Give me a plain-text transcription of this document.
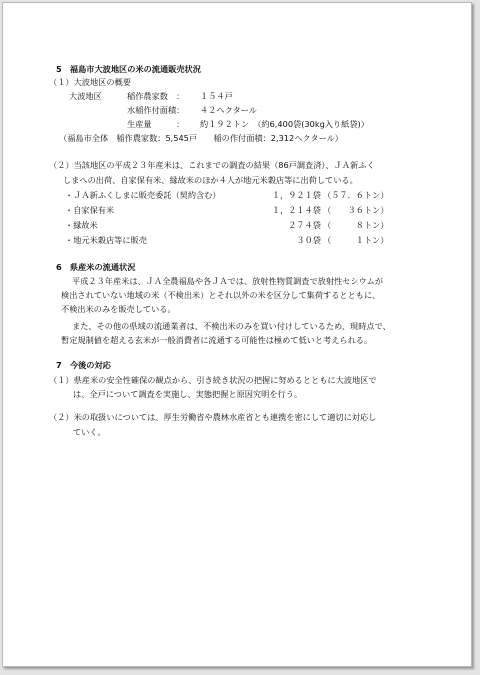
5　福島市大波地区の米の流通販売状況
（１）大波地区の概要
大波地区	稲作農家数　： １５４戸
水稲作付面積： ４２ヘクタール
生産量　　　： 約１９２トン　（約6,400袋(30kg入り紙袋)）
（福島市全体　稲作農家数：5,545戸　　稲の作付面積：2,312ヘクタール）
（２）当該地区の平成２３年産米は、これまでの調査の結果（86戸調査済）、ＪＡ新ふく
しまへの出荷、自家保有米、縁故米のほか４人が地元米穀店等に出荷している。
・ＪＡ新ふくしまに販売委託（契約含む）	１，９２１袋 （５７．６トン）
・自家保有米	１，２１４袋 （　　３６トン）
・縁故米	２７４袋 （　　　８トン）
・地元米穀店等に販売	３０袋 （　　　１トン）
6　県産米の流通状況
平成２３年産米は、ＪＡ全農福島や各ＪＡでは、放射性物質調査で放射性セシウムが
検出されていない地域の米（不検出米）とそれ以外の米を区分して集荷するとともに、
不検出米のみを販売している。
また、その他の県域の流通業者は、不検出米のみを買い付けしているため、現時点で、
暫定規制値を超える玄米が一般消費者に流通する可能性は極めて低いと考えられる。
7　今後の対応
（１）県産米の安全性確保の観点から、引き続き状況の把握に努めるとともに大波地区で
は、全戸について調査を実施し、実態把握と原因究明を行う。
（２）米の取扱いについては、厚生労働省や農林水産省とも連携を密にして適切に対応し
ていく。
